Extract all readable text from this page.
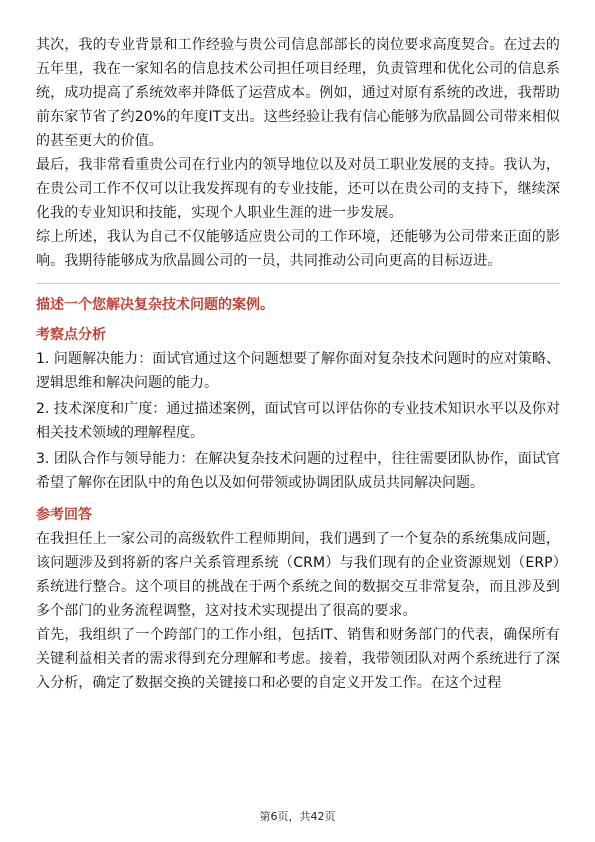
其次，我的专业背景和工作经验与贵公司信息部部长的岗位要求高度契合。在过去的五年里，我在一家知名的信息技术公司担任项目经理，负责管理和优化公司的信息系统，成功提高了系统效率并降低了运营成本。例如，通过对原有系统的改进，我帮助前东家节省了约20%的年度IT支出。这些经验让我有信心能够为欣晶圆公司带来相似的甚至更大的价值。

最后，我非常看重贵公司在行业内的领导地位以及对员工职业发展的支持。我认为，在贵公司工作不仅可以让我发挥现有的专业技能，还可以在贵公司的支持下，继续深化我的专业知识和技能，实现个人职业生涯的进一步发展。

综上所述，我认为自己不仅能够适应贵公司的工作环境，还能够为公司带来正面的影响。我期待能够成为欣晶圆公司的一员，共同推动公司向更高的目标迈进。

描述一个您解决复杂技术问题的案例。

考察点分析

1. 问题解决能力：面试官通过这个问题想要了解你面对复杂技术问题时的应对策略、逻辑思维和解决问题的能力。

2. 技术深度和广度：通过描述案例，面试官可以评估你的专业技术知识水平以及你对相关技术领域的理解程度。

3. 团队合作与领导能力：在解决复杂技术问题的过程中，往往需要团队协作，面试官希望了解你在团队中的角色以及如何带领或协调团队成员共同解决问题。

参考回答

在我担任上一家公司的高级软件工程师期间，我们遇到了一个复杂的系统集成问题，该问题涉及到将新的客户关系管理系统（CRM）与我们现有的企业资源规划（ERP）系统进行整合。这个项目的挑战在于两个系统之间的数据交互非常复杂，而且涉及到多个部门的业务流程调整，这对技术实现提出了很高的要求。

首先，我组织了一个跨部门的工作小组，包括IT、销售和财务部门的代表，确保所有关键利益相关者的需求得到充分理解和考虑。接着，我带领团队对两个系统进行了深入分析，确定了数据交换的关键接口和必要的自定义开发工作。在这个过程

第6页，共42页
